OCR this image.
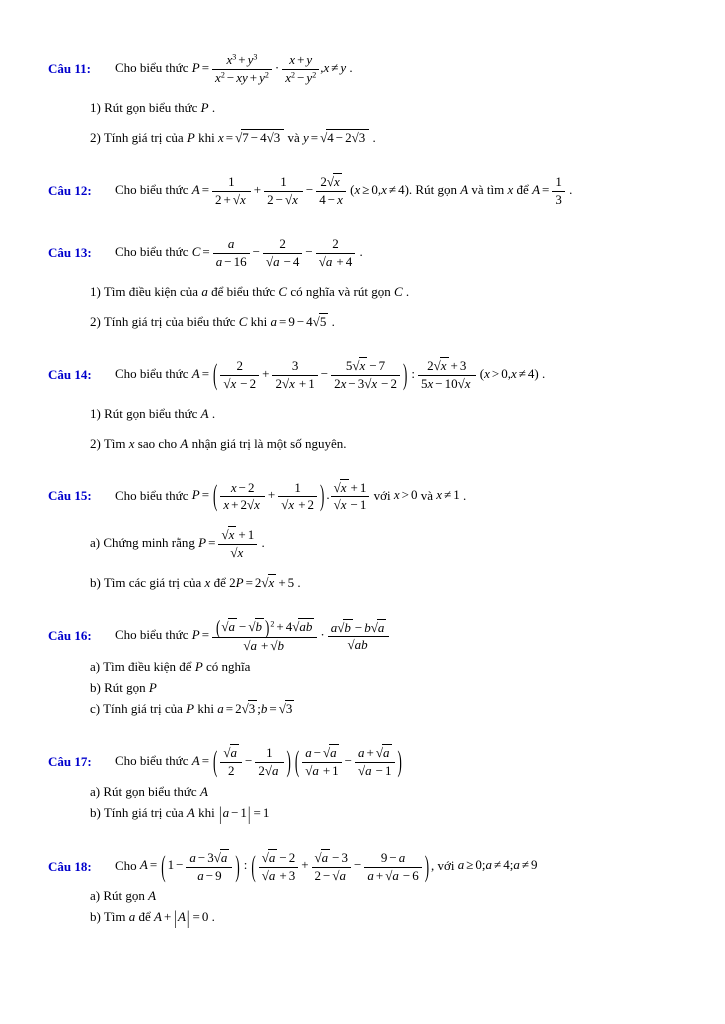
Câu 11:	Cho biểu thức $P = \frac{x^3 + y^3}{x^2 - xy + y^2} \cdot \frac{x + y}{x^2 - y^2} ,x \ne y$ .
1) Rút gọn biểu thức P .
2) Tính giá trị của P khi x = √7 − 4√3 và y = √4 − 2√3 .
Câu 12:	Cho biểu thức $A = \frac{1}{2 + √x} + \frac{1}{2 - √x} - \frac{2√x}{4 - x} (x \ge 0,x \ne 4)$. Rút gọn A và tìm x để $A = \frac{1}{3}$ .
Câu 13:	Cho biểu thức $C = \frac{a}{a - 16} - \frac{2}{√a - 4} - \frac{2}{√a + 4}$ .
1) Tìm điều kiện của a để biểu thức C có nghĩa và rút gọn C .
2) Tính giá trị của biểu thức C khi a = 9 − 4√5 .
Câu 14:	Cho biểu thức A = ( $\frac{2}{√x - 2} + \frac{3}{2√x + 1} - \frac{5√x - 7}{2x - 3√x - 2}$ ) : $\frac{2√x + 3}{5x - 10√x} (x > 0,x \ne 4)$ .
1) Rút gọn biểu thức A .
2) Tìm x sao cho A nhận giá trị là một số nguyên.
Câu 15:	Cho biểu thức P = ( $\frac{x - 2}{x + 2√x} + \frac{1}{√x + 2}$ ) . $\frac{√x + 1}{√x - 1}$ với x > 0 và x ≠ 1 .
a) Chứng minh rằng $P = \frac{√x + 1}{√x}$ .
b) Tìm các giá trị của x để 2P = 2√x + 5 .
Câu 16:	Cho biểu thức $P = \frac{(√a - √b )^2 + 4√ab}{√a + √b} \cdot \frac{a√b - b√a}{√ab}$
a) Tìm điều kiện để P có nghĩa
b) Rút gọn P
c) Tính giá trị của P khi a = 2√3 ;b = √3
Câu 17:	Cho biểu thức A = ( $\frac{√a}{2} - \frac{1}{2√a}$ ) ( $\frac{a - √a}{√a + 1} - \frac{a + √a}{√a - 1}$ )
a) Rút gọn biểu thức A
b) Tính giá trị của A khi |a − 1| = 1
Câu 18:	Cho A = ( $1 - \frac{a - 3√a}{a - 9}$ ) : ( $\frac{√a - 2}{√a + 3} + \frac{√a - 3}{2 - √a} - \frac{9 - a}{a + √a - 6}$ ) , với a ≥ 0;a ≠ 4;a ≠ 9
a) Rút gọn A
b) Tìm a để A + |A| = 0 .
